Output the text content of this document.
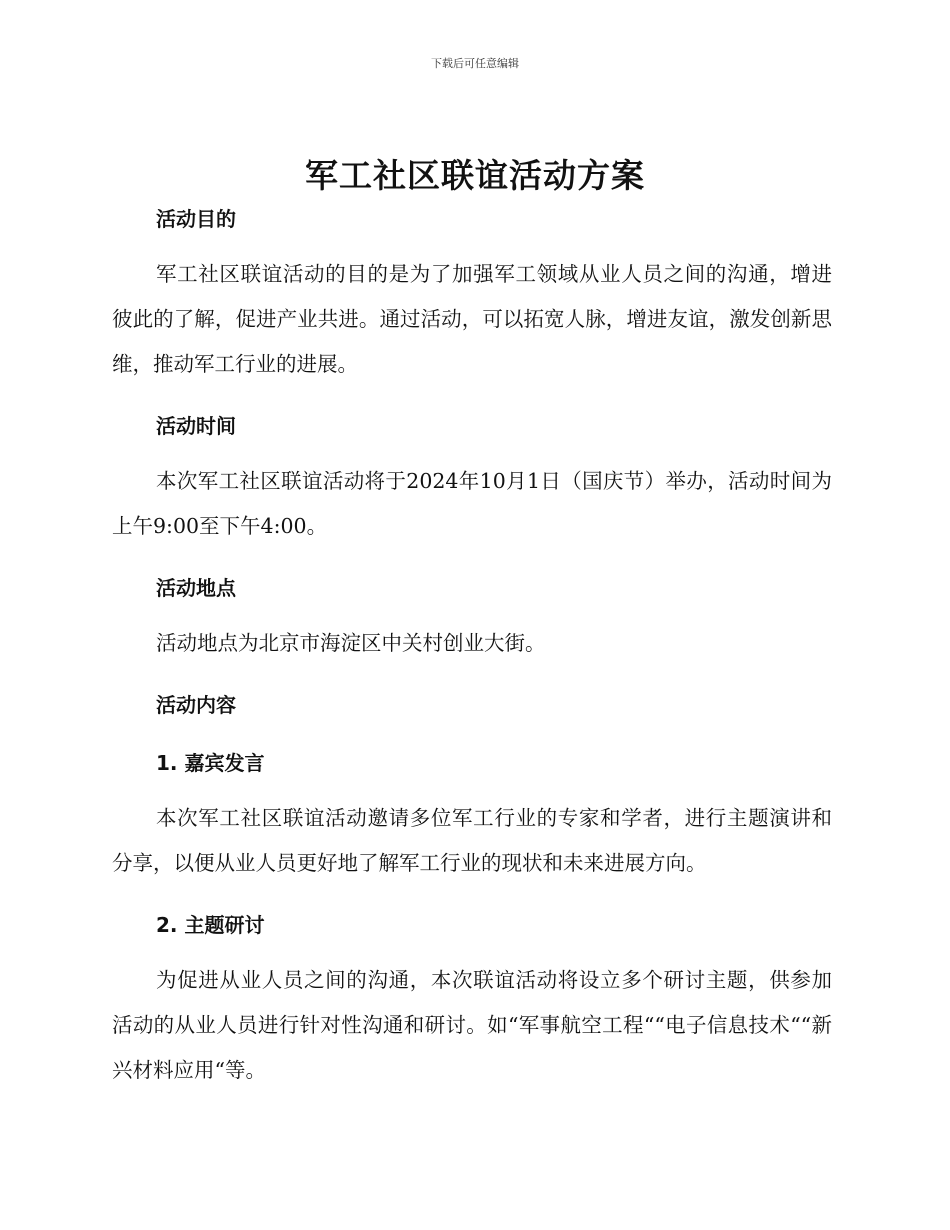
下载后可任意编辑
军工社区联谊活动方案

活动目的

军工社区联谊活动的目的是为了加强军工领域从业人员之间的沟通，增进彼此的了解，促进产业共进。通过活动，可以拓宽人脉，增进友谊，激发创新思维，推动军工行业的进展。

活动时间

本次军工社区联谊活动将于2024年10月1日（国庆节）举办，活动时间为上午9:00至下午4:00。

活动地点

活动地点为北京市海淀区中关村创业大街。

活动内容

1. 嘉宾发言

本次军工社区联谊活动邀请多位军工行业的专家和学者，进行主题演讲和分享，以便从业人员更好地了解军工行业的现状和未来进展方向。

2. 主题研讨

为促进从业人员之间的沟通，本次联谊活动将设立多个研讨主题，供参加活动的从业人员进行针对性沟通和研讨。如“军事航空工程““电子信息技术““新兴材料应用“等。
